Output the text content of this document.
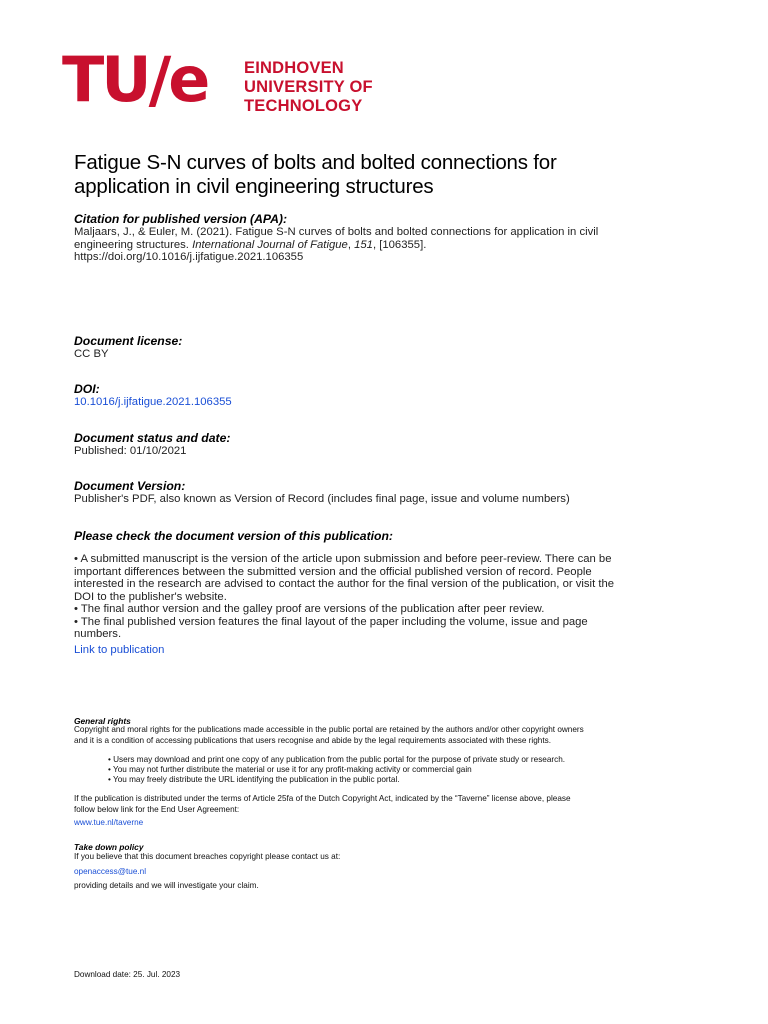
TU/e EINDHOVEN
UNIVERSITY OF
TECHNOLOGY
Fatigue S-N curves of bolts and bolted connections for
application in civil engineering structures
Citation for published version (APA):
Maljaars, J., & Euler, M. (2021). Fatigue S-N curves of bolts and bolted connections for application in civil
engineering structures. International Journal of Fatigue, 151, [106355].
https://doi.org/10.1016/j.ijfatigue.2021.106355
Document license:
CC BY
DOI:
10.1016/j.ijfatigue.2021.106355
Document status and date:
Published: 01/10/2021
Document Version:
Publisher's PDF, also known as Version of Record (includes final page, issue and volume numbers)
Please check the document version of this publication:
• A submitted manuscript is the version of the article upon submission and before peer-review. There can be
important differences between the submitted version and the official published version of record. People
interested in the research are advised to contact the author for the final version of the publication, or visit the
DOI to the publisher's website.
• The final author version and the galley proof are versions of the publication after peer review.
• The final published version features the final layout of the paper including the volume, issue and page
numbers.
Link to publication
General rights
Copyright and moral rights for the publications made accessible in the public portal are retained by the authors and/or other copyright owners
and it is a condition of accessing publications that users recognise and abide by the legal requirements associated with these rights.
• Users may download and print one copy of any publication from the public portal for the purpose of private study or research.
• You may not further distribute the material or use it for any profit-making activity or commercial gain
• You may freely distribute the URL identifying the publication in the public portal.
If the publication is distributed under the terms of Article 25fa of the Dutch Copyright Act, indicated by the “Taverne” license above, please
follow below link for the End User Agreement:
www.tue.nl/taverne
Take down policy
If you believe that this document breaches copyright please contact us at:
openaccess@tue.nl
providing details and we will investigate your claim.
Download date: 25. Jul. 2023
